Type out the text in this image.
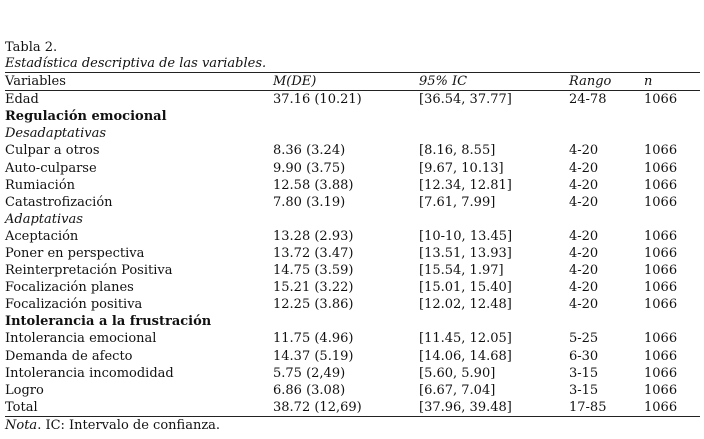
Tabla 2.
Estadística descriptiva de las variables.
Variables	M(DE)	95% IC	Rango	n
Edad	37.16 (10.21)	[36.54, 37.77]	24-78	1066
Regulación emocional				
Desadaptativas				
Culpar a otros	8.36 (3.24)	[8.16, 8.55]	4-20	1066
Auto-culparse	9.90 (3.75)	[9.67, 10.13]	4-20	1066
Rumiación	12.58 (3.88)	[12.34, 12.81]	4-20	1066
Catastrofización	7.80 (3.19)	[7.61, 7.99]	4-20	1066
Adaptativas				
Aceptación	13.28 (2.93)	[10-10, 13.45]	4-20	1066
Poner en perspectiva	13.72 (3.47)	[13.51, 13.93]	4-20	1066
Reinterpretación Positiva	14.75 (3.59)	[15.54, 1.97]	4-20	1066
Focalización planes	15.21 (3.22)	[15.01, 15.40]	4-20	1066
Focalización positiva	12.25 (3.86)	[12.02, 12.48]	4-20	1066
Intolerancia a la frustración				
Intolerancia emocional	11.75 (4.96)	[11.45, 12.05]	5-25	1066
Demanda de afecto	14.37 (5.19)	[14.06, 14.68]	6-30	1066
Intolerancia incomodidad	5.75 (2,49)	[5.60, 5.90]	3-15	1066
Logro	6.86 (3.08)	[6.67, 7.04]	3-15	1066
Total	38.72 (12,69)	[37.96, 39.48]	17-85	1066
Nota. IC: Intervalo de confianza.
